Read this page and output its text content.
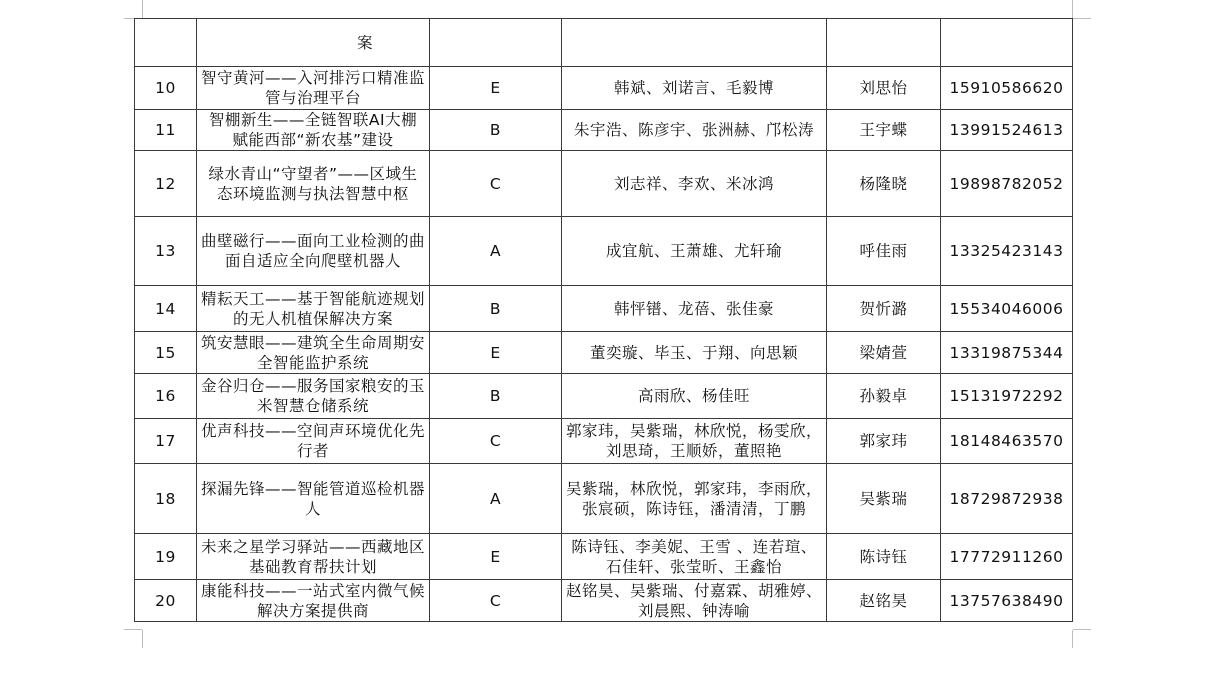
	案				
10	智守黄河——入河排污口精准监管与治理平台	E	韩斌、刘诺言、毛毅博	刘思怡	15910586620
11	智棚新生——全链智联AI大棚赋能西部“新农基”建设	B	朱宇浩、陈彦宇、张洲赫、邝松涛	王宇蝶	13991524613
12	绿水青山“守望者”——区域生态环境监测与执法智慧中枢	C	刘志祥、李欢、米冰鸿	杨隆晓	19898782052
13	曲壁磁行——面向工业检测的曲面自适应全向爬壁机器人	A	成宜航、王萧雄、尤轩瑜	呼佳雨	13325423143
14	精耘天工——基于智能航迹规划的无人机植保解决方案	B	韩怦镨、龙蓓、张佳豪	贺忻潞	15534046006
15	筑安慧眼——建筑全生命周期安全智能监护系统	E	董奕璇、毕玉、于翔、向思颖	梁婧萱	13319875344
16	金谷归仓——服务国家粮安的玉米智慧仓储系统	B	高雨欣、杨佳旺	孙毅卓	15131972292
17	优声科技——空间声环境优化先行者	C	郭家玮，吴紫瑞，林欣悦，杨雯欣，刘思琦，王顺娇，董照艳	郭家玮	18148463570
18	探漏先锋——智能管道巡检机器人	A	吴紫瑞，林欣悦，郭家玮，李雨欣，张宸硕，陈诗钰，潘清清，丁鹏	吴紫瑞	18729872938
19	未来之星学习驿站——西藏地区基础教育帮扶计划	E	陈诗钰、李美妮、王雪 、连若瑄、石佳轩、张莹昕、王鑫怡	陈诗钰	17772911260
20	康能科技——一站式室内微气候解决方案提供商	C	赵铭昊、吴紫瑞、付嘉霖、胡雅婷、刘晨熙、钟涛喻	赵铭昊	13757638490
